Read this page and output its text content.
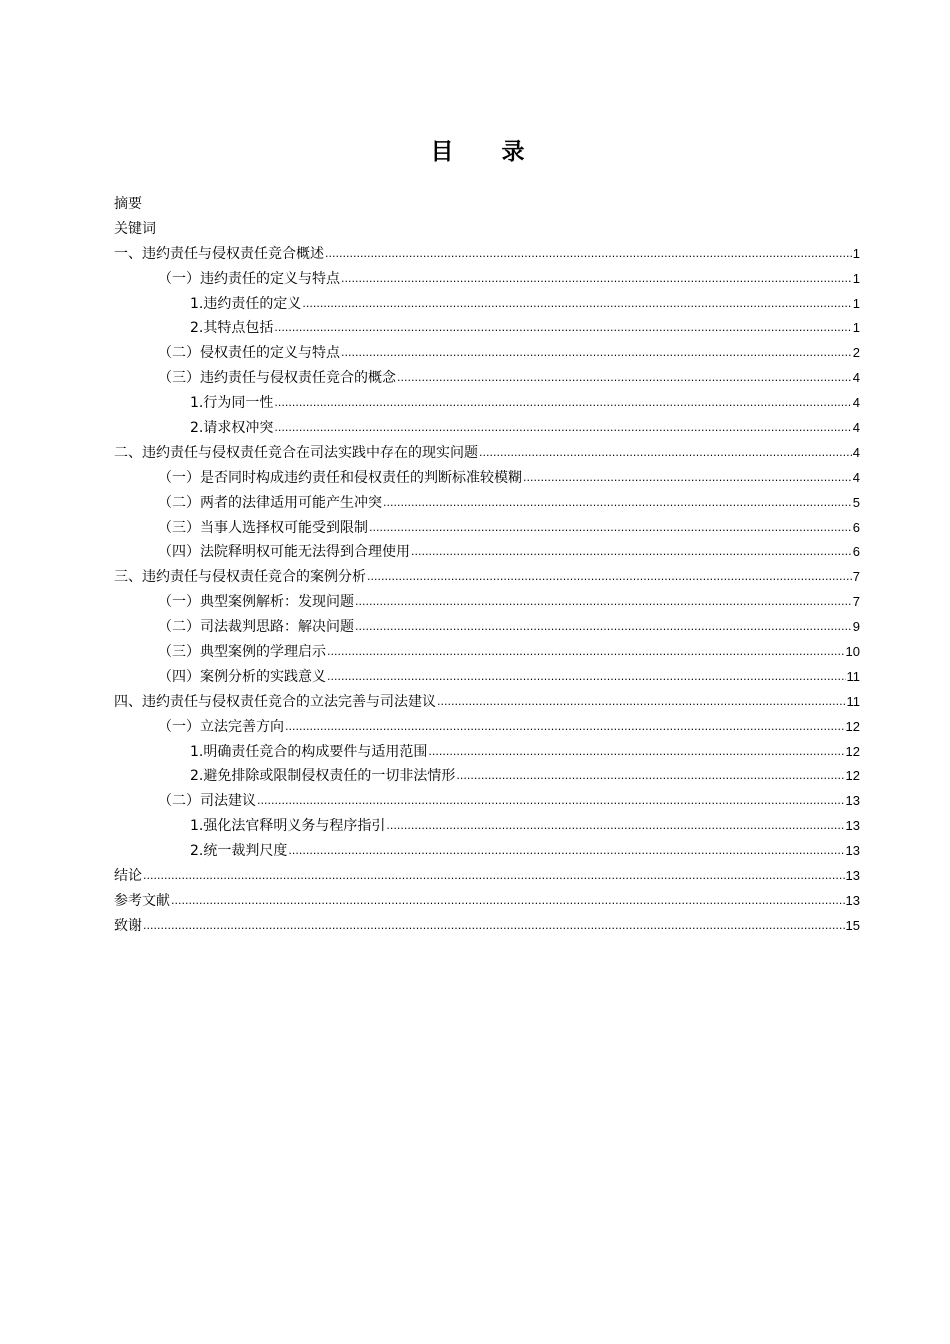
目 录
摘要
关键词
一、违约责任与侵权责任竞合概述 .....	1
（一）违约责任的定义与特点 .....	1
1.违约责任的定义 .....	1
2.其特点包括 .....	1
（二）侵权责任的定义与特点 .....	2
（三）违约责任与侵权责任竞合的概念 .....	4
1.行为同一性 .....	4
2.请求权冲突 .....	4
二、违约责任与侵权责任竞合在司法实践中存在的现实问题 .....	4
（一）是否同时构成违约责任和侵权责任的判断标准较模糊 .....	4
（二）两者的法律适用可能产生冲突 .....	5
（三）当事人选择权可能受到限制 .....	6
（四）法院释明权可能无法得到合理使用 .....	6
三、违约责任与侵权责任竞合的案例分析 .....	7
（一）典型案例解析：发现问题 .....	7
（二）司法裁判思路：解决问题 .....	9
（三）典型案例的学理启示 .....	10
（四）案例分析的实践意义 .....	11
四、违约责任与侵权责任竞合的立法完善与司法建议 .....	11
（一）立法完善方向 .....	12
1.明确责任竞合的构成要件与适用范围 .....	12
2.避免排除或限制侵权责任的一切非法情形 .....	12
（二）司法建议 .....	13
1.强化法官释明义务与程序指引 .....	13
2.统一裁判尺度 .....	13
结论 .....	13
参考文献 .....	13
致谢 .....	15
